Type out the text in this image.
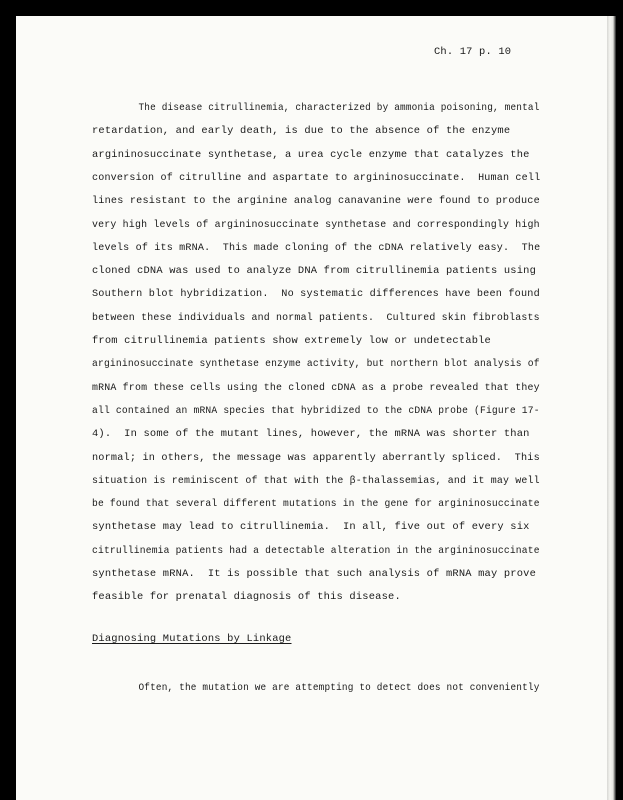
Ch. 17 p. 10

The disease citrullinemia, characterized by ammonia poisoning, mental
retardation, and early death, is due to the absence of the enzyme
argininosuccinate synthetase, a urea cycle enzyme that catalyzes the
conversion of citrulline and aspartate to argininosuccinate.  Human cell
lines resistant to the arginine analog canavanine were found to produce
very high levels of argininosuccinate synthetase and correspondingly high
levels of its mRNA.  This made cloning of the cDNA relatively easy.  The
cloned cDNA was used to analyze DNA from citrullinemia patients using
Southern blot hybridization.  No systematic differences have been found
between these individuals and normal patients.  Cultured skin fibroblasts
from citrullinemia patients show extremely low or undetectable
argininosuccinate synthetase enzyme activity, but northern blot analysis of
mRNA from these cells using the cloned cDNA as a probe revealed that they
all contained an mRNA species that hybridized to the cDNA probe (Figure 17-
4).  In some of the mutant lines, however, the mRNA was shorter than
normal; in others, the message was apparently aberrantly spliced.  This
situation is reminiscent of that with the β-thalassemias, and it may well
be found that several different mutations in the gene for argininosuccinate
synthetase may lead to citrullinemia.  In all, five out of every six
citrullinemia patients had a detectable alteration in the argininosuccinate
synthetase mRNA.  It is possible that such analysis of mRNA may prove
feasible for prenatal diagnosis of this disease.
Diagnosing Mutations by Linkage
Often, the mutation we are attempting to detect does not conveniently
